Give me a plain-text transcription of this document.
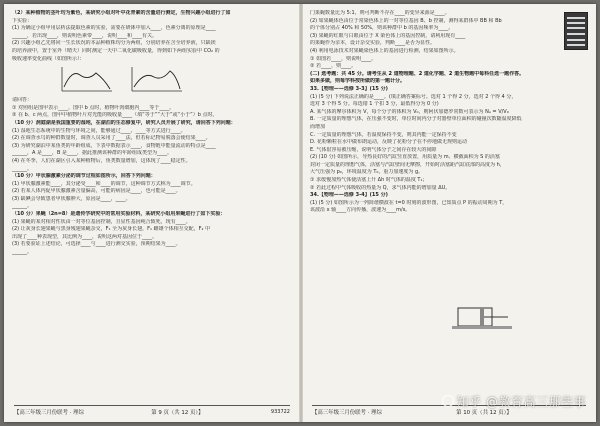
（2）某种植物的茎叶均为紫色，某研究小组对叶中花青素的含量进行测定，生物兴趣小组进行了如
下实验：
(1) 为确定小组甲用层析法提取色素的实验，需要在研钵中加入____，色素分离的原理是____
______，若出现____，则说明色素带____，说明____和____有关。
(2) 兴趣小组乙先将同一生长状况的本品种植株均分为两组，分别培养在含全培养液，只缺镁
的培养液中，置于室外（晴天）同时测定一天中二氧化碳吸收量，得到如下两组实验中 CO₂ 的
吸收速率变化曲线（如图所示）：
请回答：
① 对照组是图甲表示____，图中 b 点时，植物叶肉细胞内____等于____。
② 在 b、c 两点，图甲中植物叶片对光能的吸收量____（填“等于”“大于”或“小于”）b 点时。
（10 分）洞庭湖是我国重要的湿地，在湖泊的生态修复中，研究人员开展了研究，请回答下列问题：
(1) 湿地生态系统中的生物与环境之间，能够通过____、____等方式进行____。
(2) 在调查水鸟的种群数量时，调查人员采用了____法，但若标记物易脱落会使结果____。
(3) 为研究湖泊中某鱼类的年龄组成，下表中数据表示____，食物链中能量流动的特点是____
______，A 是____，B 是____，据此推测该种群的年龄组成类型为____。
(4) 在冬季，人们在湖区引入某种植物后，鱼类数量增加，这体现了____稳定性。
______。
（10 分）甲状腺激素分泌的调节过程如图所示，回答下列问题：
(1) 甲状腺激素能____，其分泌受____和____的调节，这种调节方式称为____调节。
(2) 若某人体内促甲状腺激素含量偏高，可能的病因是____，也可能是____。
(3) 缺碘会导致患者甲状腺肿大，原因是____，____。
______。
（10 分）果蝇（2n=8）是遗传学研究中的常用实验材料，某研究小组用果蝇进行了如下实验：
(1) 果蝇的某对相对性状由一对等位基因控制，且显性基因纯合致死，现有____。
(2) 让灰身长翅果蝇与黑身残翅果蝇杂交，F₁ 全为灰身长翅，F₁ 雌雄个体相互交配，F₂ 中
出现了____种表现型，其比例为____，说明这两对基因位于____。
(3) 若要验证上述结论，可选择____与____进行测交实验，预期结果为____。
______。
【高三年级三月份联考 · 理综	第 9 页（共 12 页）】	933722
门果蝇数量比为 5:1，则可判断不存在____的变异来源是____。
(2) 如果蝇体色由位于常染色体上的一对等位基因 B、b 控制，测得某群体中 BB 和 Bb
的个体分别占 40% 和 50%，则该种群中 b 的基因频率为____。
(3) 果蝇的红眼与白眼由位于 X 染色体上的基因控制，请利用现有____
的果蝇作为亲本，设计杂交实验，判断____是否为显性。
(4) 利用电泳技术对果蝇染色体上的基因进行检测，结果如图所示。
① 如图若____，则说明____。
② 若____，则____。
(二) 选考题：共 45 分。请考生从 2 道物理题、2 道化学题、2 道生物题中每科任选一题作答。
如果多做，则每学科按所做的第一题计分。
33.【物理——选修 3-3】(15 分)
(1) (5 分) 下列说法正确的是____。(填正确答案标号。选对 1 个得 2 分，选对 2 个得 4 分，
选对 3 个得 5 分。每选错 1 个扣 3 分，最低得分为 0 分)
A. 某气体的摩尔体积为 V，每个分子的体积为 V₀，则阿伏加德罗常数可表示为 Nₐ = V/V₀
B. 一定质量的理想气体，在压强不变时，单位时间内分子对器壁单位面积的碰撞次数随温度降低
而增加
C. 一定质量的理想气体，若温度保持不变，则其内能一定保持不变
D. 花粉颗粒在水中做布朗运动，反映了花粉分子在不停地做无规则运动
E. 气体很容易被压缩，说明气体分子之间存在较大的间隙
(2) (10 分) 如图所示，导热良好的汽缸竖直放置，用质量为 m、横截面积为 S 的活塞
封闭一定质量的理想气体，活塞与汽缸壁间无摩擦，开始时活塞距汽缸底部的高度为 h，
大气压强为 p₀，环境温度为 T₀，重力加速度为 g。
① 求缓慢加热气体使活塞上升 Δh 时气体的温度 T₁；
② 若此过程中气体吸收的热量为 Q，求气体内能的增加量 ΔU。
34.【物理——选修 3-4】(15 分)
(1) (5 分) 如图所示为一列简谐横波在 t=0 时刻的波形图，已知质点 P 的振动周期为 T，
该波沿 x 轴____方向传播，波速为____m/s。
【高三年级三月份联考 · 理综	第 10 页（共 12 页）】
知乎 @教育高三那些事
